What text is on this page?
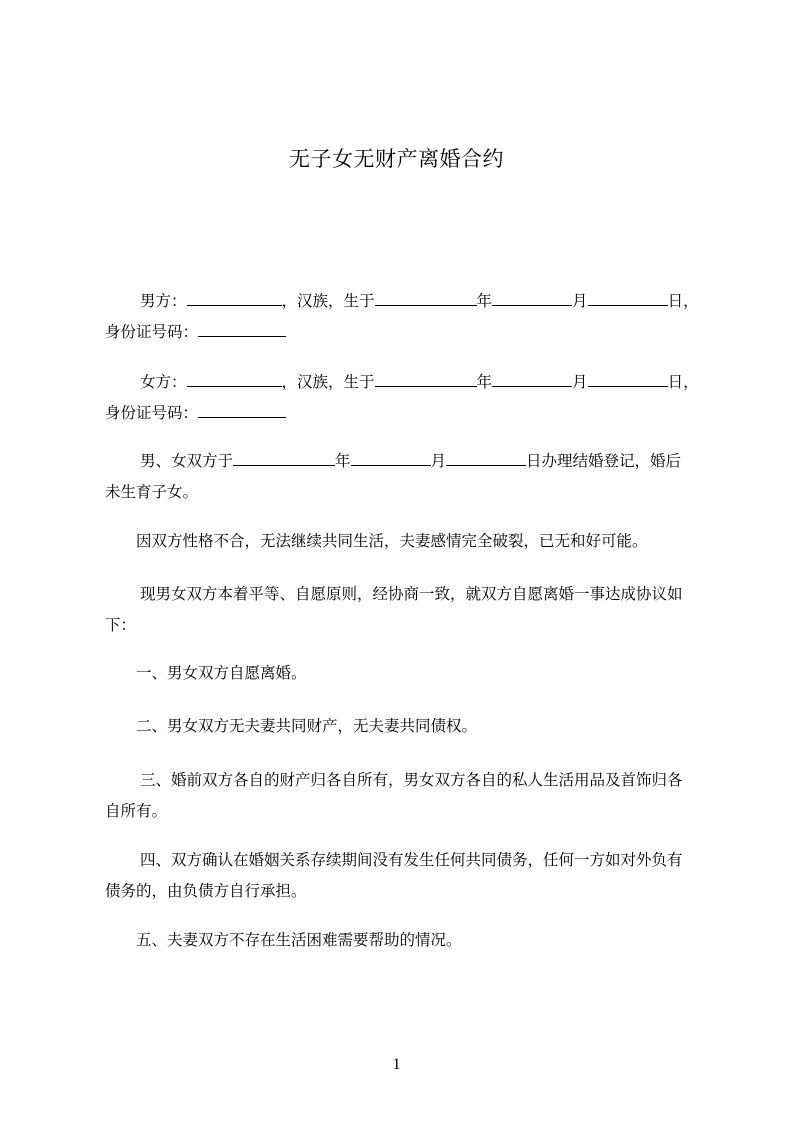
无子女无财产离婚合约
男方：	，汉族，生于	年	月	日，
身份证号码：
女方：	，汉族，生于	年	月	日，
身份证号码：
男、女双方于	年	月	日办理结婚登记，婚后
未生育子女。
因双方性格不合，无法继续共同生活，夫妻感情完全破裂，已无和好可能。
现男女双方本着平等、自愿原则，经协商一致，就双方自愿离婚一事达成协议如
下：
一、男女双方自愿离婚。
二、男女双方无夫妻共同财产，无夫妻共同债权。
三、婚前双方各自的财产归各自所有，男女双方各自的私人生活用品及首饰归各
自所有。
四、双方确认在婚姻关系存续期间没有发生任何共同债务，任何一方如对外负有
债务的，由负债方自行承担。
五、夫妻双方不存在生活困难需要帮助的情况。
1
